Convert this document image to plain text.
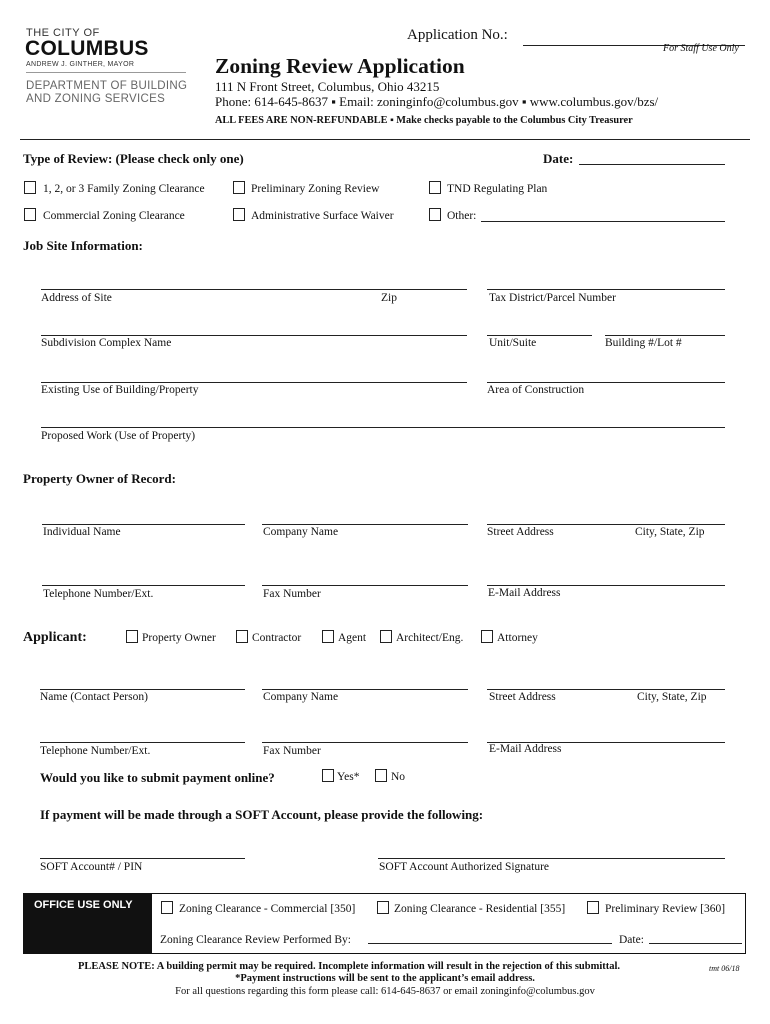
THE CITY OF
COLUMBUS
ANDREW J. GINTHER, MAYOR
DEPARTMENT OF BUILDING
AND ZONING SERVICES
Application No.:
For Staff Use Only
Zoning Review Application
111 N Front Street, Columbus, Ohio 43215
Phone: 614-645-8637 ▪ Email: zoninginfo@columbus.gov ▪ www.columbus.gov/bzs/
ALL FEES ARE NON-REFUNDABLE ▪ Make checks payable to the Columbus City Treasurer
Type of Review: (Please check only one)	Date:
1, 2, or 3 Family Zoning Clearance	Preliminary Zoning Review	TND Regulating Plan
Commercial Zoning Clearance	Administrative Surface Waiver	Other:
Job Site Information:
Address of Site	Zip	Tax District/Parcel Number
Subdivision Complex Name	Unit/Suite	Building #/Lot #
Existing Use of Building/Property	Area of Construction
Proposed Work (Use of Property)
Property Owner of Record:
Individual Name	Company Name	Street Address	City, State, Zip
Telephone Number/Ext.	Fax Number	E-Mail Address
Applicant:	Property Owner	Contractor	Agent	Architect/Eng.	Attorney
Name (Contact Person)	Company Name	Street Address	City, State, Zip
Telephone Number/Ext.	Fax Number	E-Mail Address
Would you like to submit payment online?	Yes*	No
If payment will be made through a SOFT Account, please provide the following:
SOFT Account# / PIN	SOFT Account Authorized Signature
OFFICE USE ONLY	Zoning Clearance - Commercial [350]	Zoning Clearance - Residential [355]	Preliminary Review [360]
Zoning Clearance Review Performed By:	Date:
PLEASE NOTE: A building permit may be required. Incomplete information will result in the rejection of this submittal.	tmt 06/18
*Payment instructions will be sent to the applicant’s email address.
For all questions regarding this form please call: 614-645-8637 or email zoninginfo@columbus.gov
